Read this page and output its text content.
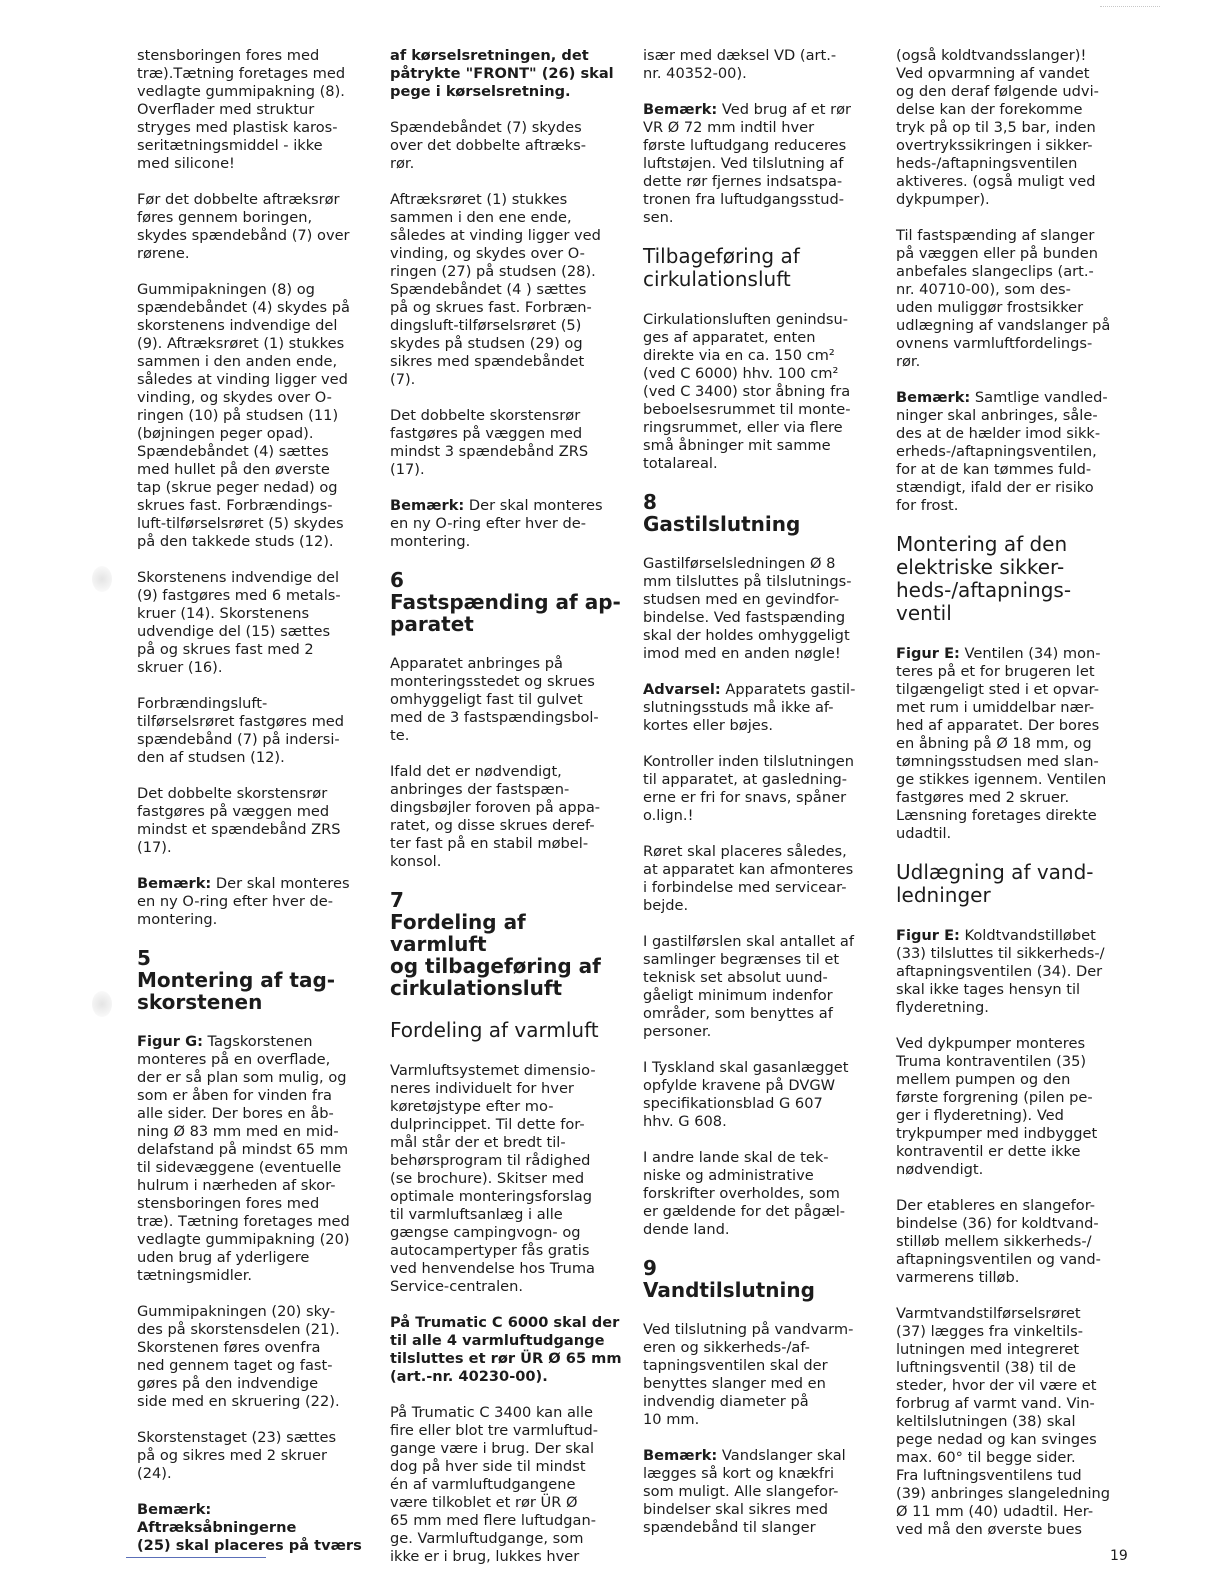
stensboringen fores med
træ).Tætning foretages med
vedlagte gummipakning (8).
Overflader med struktur
stryges med plastisk karos-
seritætningsmiddel - ikke
med silicone!

Før det dobbelte aftræksrør
føres gennem boringen,
skydes spændebånd (7) over
rørene.

Gummipakningen (8) og
spændebåndet (4) skydes på
skorstenens indvendige del
(9). Aftræksrøret (1) stukkes
sammen i den anden ende,
således at vinding ligger ved
vinding, og skydes over O-
ringen (10) på studsen (11)
(bøjningen peger opad).
Spændebåndet (4) sættes
med hullet på den øverste
tap (skrue peger nedad) og
skrues fast. Forbrændings-
luft-tilførselsrøret (5) skydes
på den takkede studs (12).

Skorstenens indvendige del
(9) fastgøres med 6 metals-
kruer (14). Skorstenens
udvendige del (15) sættes
på og skrues fast med 2
skruer (16).

Forbrændingsluft-
tilførselsrøret fastgøres med
spændebånd (7) på indersi-
den af studsen (12).

Det dobbelte skorstensrør
fastgøres på væggen med
mindst et spændebånd ZRS
(17).

Bemærk: Der skal monteres
en ny O-ring efter hver de-
montering.

5
Montering af tag-
skorstenen

Figur G: Tagskorstenen
monteres på en overflade,
der er så plan som mulig, og
som er åben for vinden fra
alle sider. Der bores en åb-
ning Ø 83 mm med en mid-
delafstand på mindst 65 mm
til sidevæggene (eventuelle
hulrum i nærheden af skor-
stensboringen fores med
træ). Tætning foretages med
vedlagte gummipakning (20)
uden brug af yderligere
tætningsmidler.

Gummipakningen (20) sky-
des på skorstensdelen (21).
Skorstenen føres ovenfra
ned gennem taget og fast-
gøres på den indvendige
side med en skruering (22).

Skorstenstaget (23) sættes
på og sikres med 2 skruer
(24).

Bemærk: Aftræksåbningerne
(25) skal placeres på tværs

af kørselsretningen, det
påtrykte "FRONT" (26) skal
pege i kørselsretning.

Spændebåndet (7) skydes
over det dobbelte aftræks-
rør.

Aftræksrøret (1) stukkes
sammen i den ene ende,
således at vinding ligger ved
vinding, og skydes over O-
ringen (27) på studsen (28).
Spændebåndet (4 ) sættes
på og skrues fast. Forbræn-
dingsluft-tilførselsrøret (5)
skydes på studsen (29) og
sikres med spændebåndet
(7).

Det dobbelte skorstensrør
fastgøres på væggen med
mindst 3 spændebånd ZRS
(17).

Bemærk: Der skal monteres
en ny O-ring efter hver de-
montering.

6
Fastspænding af ap-
paratet

Apparatet anbringes på
monteringsstedet og skrues
omhyggeligt fast til gulvet
med de 3 fastspændingsbol-
te.

Ifald det er nødvendigt,
anbringes der fastspæn-
dingsbøjler foroven på appa-
ratet, og disse skrues deref-
ter fast på en stabil møbel-
konsol.

7
Fordeling af varmluft
og tilbageføring af
cirkulationsluft
Fordeling af varmluft

Varmluftsystemet dimensio-
neres individuelt for hver
køretøjstype efter mo-
dulprincippet. Til dette for-
mål står der et bredt til-
behørsprogram til rådighed
(se brochure). Skitser med
optimale monteringsforslag
til varmluftsanlæg i alle
gængse campingvogn- og
autocampertyper fås gratis
ved henvendelse hos Truma
Service-centralen.

På Trumatic C 6000 skal der
til alle 4 varmluftudgange
tilsluttes et rør ÜR Ø 65 mm
(art.-nr. 40230-00).

På Trumatic C 3400 kan alle
fire eller blot tre varmluftud-
gange være i brug. Der skal
dog på hver side til mindst
én af varmluftudgangene
være tilkoblet et rør ÜR Ø
65 mm med flere luftudgan-
ge. Varmluftudgange, som
ikke er i brug, lukkes hver

især med dæksel VD (art.-
nr. 40352-00).

Bemærk: Ved brug af et rør
VR Ø 72 mm indtil hver
første luftudgang reduceres
luftstøjen. Ved tilslutning af
dette rør fjernes indsatspa-
tronen fra luftudgangsstud-
sen.

Tilbageføring af
cirkulationsluft

Cirkulationsluften genindsu-
ges af apparatet, enten
direkte via en ca. 150 cm²
(ved C 6000) hhv. 100 cm²
(ved C 3400) stor åbning fra
beboelsesrummet til monte-
ringsrummet, eller via flere
små åbninger mit samme
totalareal.

8
Gastilslutning

Gastilførselsledningen Ø 8
mm tilsluttes på tilslutnings-
studsen med en gevindfor-
bindelse. Ved fastspænding
skal der holdes omhyggeligt
imod med en anden nøgle!

Advarsel: Apparatets gastil-
slutningsstuds må ikke af-
kortes eller bøjes.

Kontroller inden tilslutningen
til apparatet, at gasledning-
erne er fri for snavs, spåner
o.lign.!

Røret skal placeres således,
at apparatet kan afmonteres
i forbindelse med servicear-
bejde.

I gastilførslen skal antallet af
samlinger begrænses til et
teknisk set absolut uund-
gåeligt minimum indenfor
områder, som benyttes af
personer.

I Tyskland skal gasanlægget
opfylde kravene på DVGW
specifikationsblad G 607
hhv. G 608.

I andre lande skal de tek-
niske og administrative
forskrifter overholdes, som
er gældende for det pågæl-
dende land.

9
Vandtilslutning

Ved tilslutning på vandvarm-
eren og sikkerheds-/af-
tapningsventilen skal der
benyttes slanger med en
indvendig diameter på
10 mm.

Bemærk: Vandslanger skal
lægges så kort og knækfri
som muligt. Alle slangefor-
bindelser skal sikres med
spændebånd til slanger

(også koldtvandsslanger)!
Ved opvarmning af vandet
og den deraf følgende udvi-
delse kan der forekomme
tryk på op til 3,5 bar, inden
overtrykssikringen i sikker-
heds-/aftapningsventilen
aktiveres. (også muligt ved
dykpumper).

Til fastspænding af slanger
på væggen eller på bunden
anbefales slangeclips (art.-
nr. 40710-00), som des-
uden muliggør frostsikker
udlægning af vandslanger på
ovnens varmluftfordelings-
rør.

Bemærk: Samtlige vandled-
ninger skal anbringes, såle-
des at de hælder imod sikk-
erheds-/aftapningsventilen,
for at de kan tømmes fuld-
stændigt, ifald der er risiko
for frost.

Montering af den
elektriske sikker-
heds-/aftapnings-
ventil

Figur E: Ventilen (34) mon-
teres på et for brugeren let
tilgængeligt sted i et opvar-
met rum i umiddelbar nær-
hed af apparatet. Der bores
en åbning på Ø 18 mm, og
tømningsstudsen med slan-
ge stikkes igennem. Ventilen
fastgøres med 2 skruer.
Lænsning foretages direkte
udadtil.

Udlægning af vand-
ledninger

Figur E: Koldtvandstilløbet
(33) tilsluttes til sikkerheds-/
aftapningsventilen (34). Der
skal ikke tages hensyn til
flyderetning.

Ved dykpumper monteres
Truma kontraventilen (35)
mellem pumpen og den
første forgrening (pilen pe-
ger i flyderetning). Ved
trykpumper med indbygget
kontraventil er dette ikke
nødvendigt.

Der etableres en slangefor-
bindelse (36) for koldtvand-
stilløb mellem sikkerheds-/
aftapningsventilen og vand-
varmerens tilløb.

Varmtvandstilførselsrøret
(37) lægges fra vinkeltils-
lutningen med integreret
luftningsventil (38) til de
steder, hvor der vil være et
forbrug af varmt vand. Vin-
keltilslutningen (38) skal
pege nedad og kan svinges
max. 60° til begge sider.
Fra luftningsventilens tud
(39) anbringes slangeledning
Ø 11 mm (40) udadtil. Her-
ved må den øverste bues

19
